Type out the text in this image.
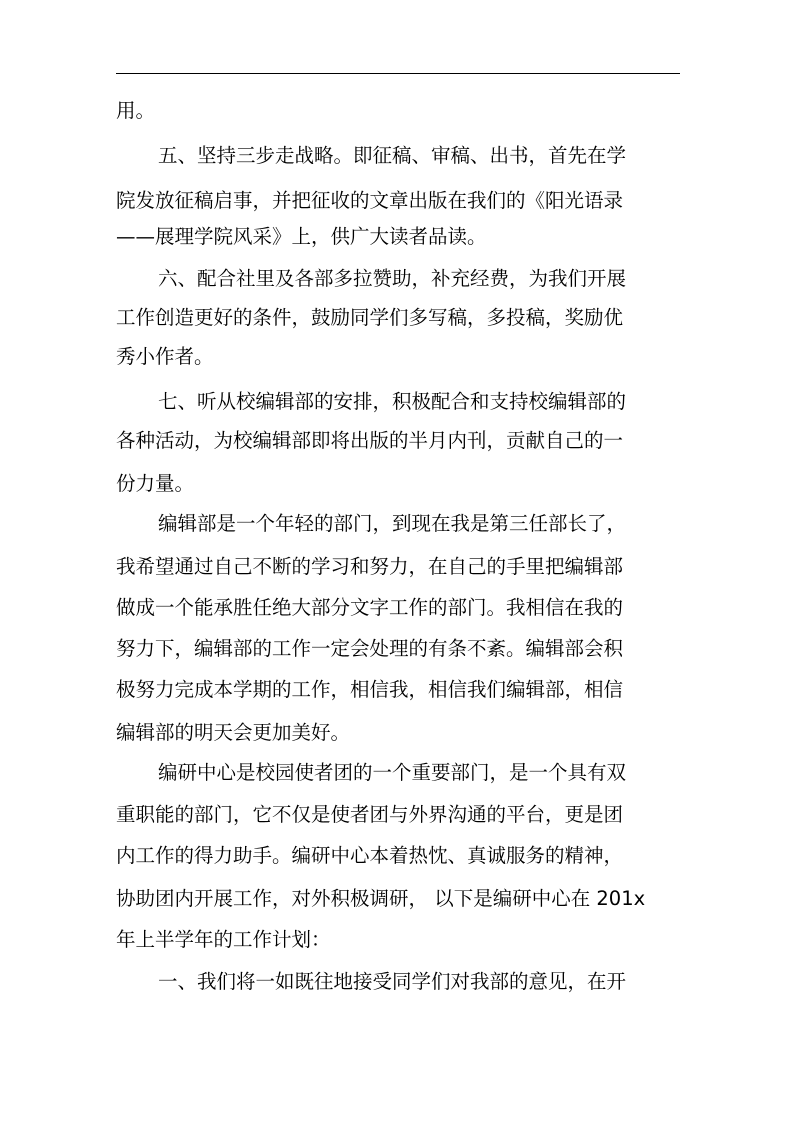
用。
五、坚持三步走战略。即征稿、审稿、出书，首先在学
院发放征稿启事，并把征收的文章出版在我们的《阳光语录
——展理学院风采》上，供广大读者品读。
六、配合社里及各部多拉赞助，补充经费，为我们开展
工作创造更好的条件，鼓励同学们多写稿，多投稿，奖励优
秀小作者。
七、听从校编辑部的安排，积极配合和支持校编辑部的
各种活动，为校编辑部即将出版的半月内刊，贡献自己的一
份力量。
编辑部是一个年轻的部门，到现在我是第三任部长了，
我希望通过自己不断的学习和努力，在自己的手里把编辑部
做成一个能承胜任绝大部分文字工作的部门。我相信在我的
努力下，编辑部的工作一定会处理的有条不紊。编辑部会积
极努力完成本学期的工作，相信我，相信我们编辑部，相信
编辑部的明天会更加美好。
编研中心是校园使者团的一个重要部门，是一个具有双
重职能的部门，它不仅是使者团与外界沟通的平台，更是团
内工作的得力助手。编研中心本着热忱、真诚服务的精神，
协助团内开展工作，对外积极调研， 以下是编研中心在 201x
年上半学年的工作计划：
一、我们将一如既往地接受同学们对我部的意见，在开
